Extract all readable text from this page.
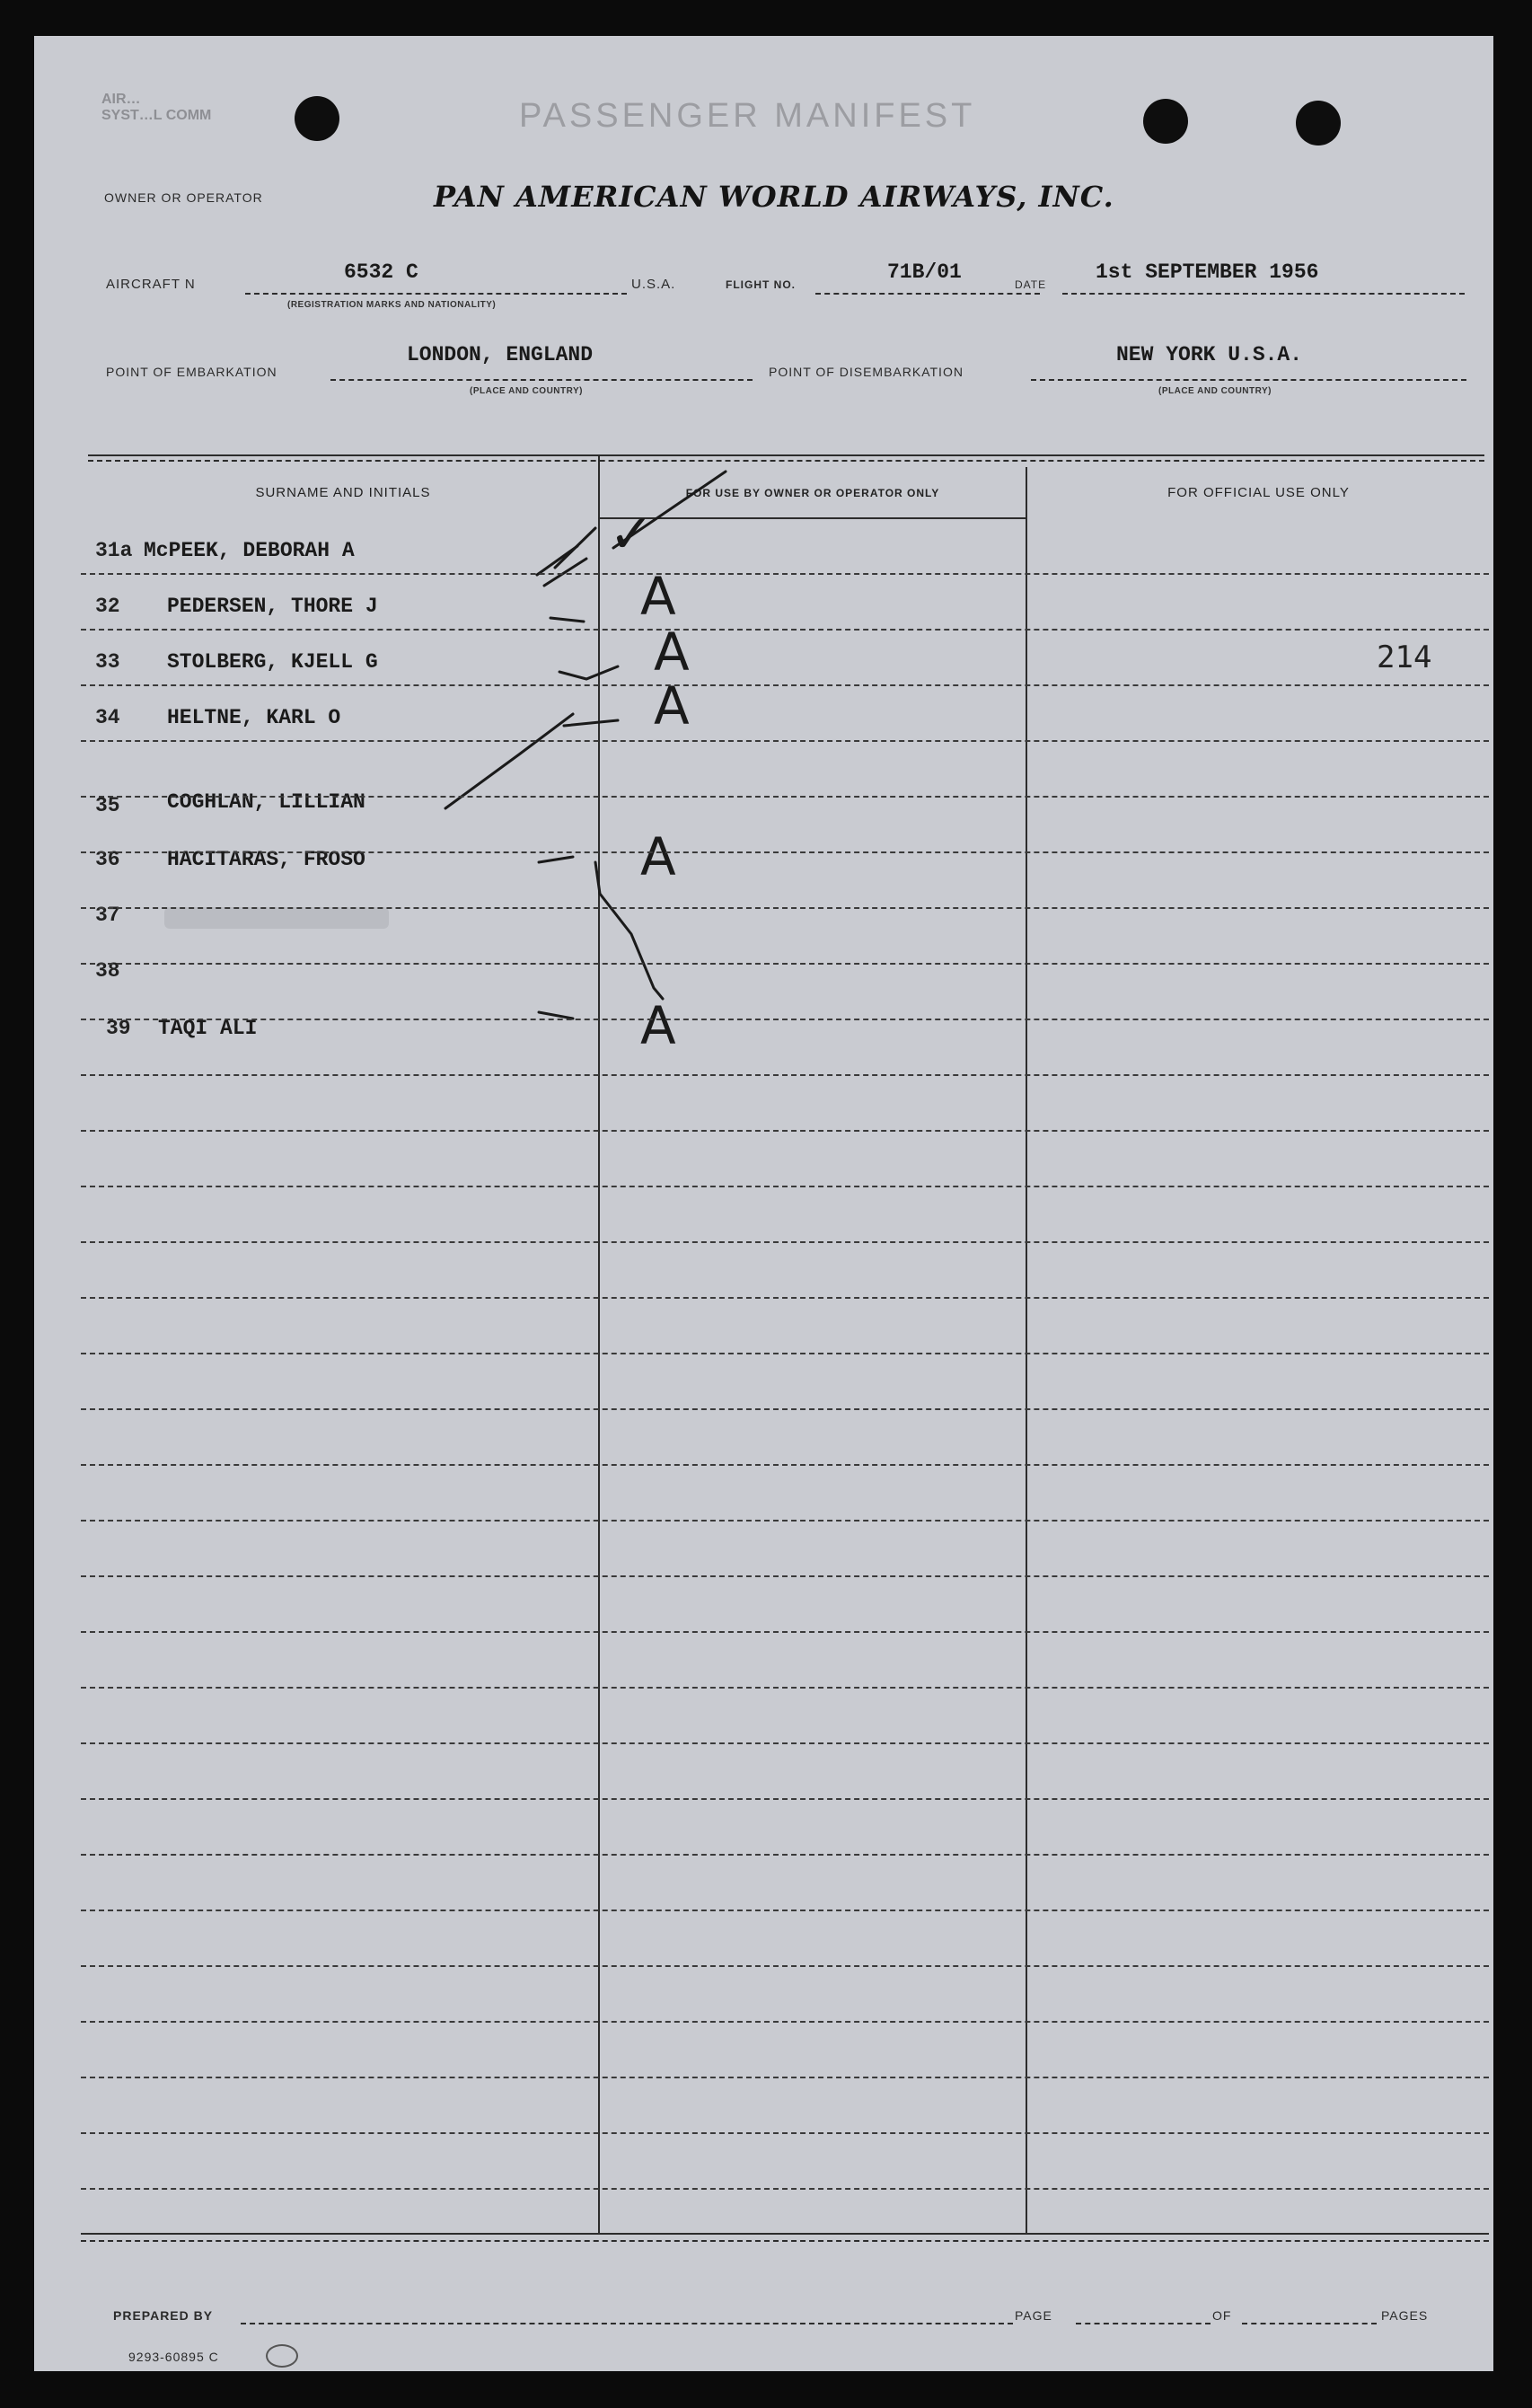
AIR…
SYST…L COMM	PASSENGER MANIFEST
OWNER OR OPERATOR	PAN AMERICAN WORLD AIRWAYS, INC.
AIRCRAFT N
6532 C
(REGISTRATION MARKS AND NATIONALITY)
U.S.A.	FLIGHT NO.
71B/01
DATE
1st SEPTEMBER 1956
POINT OF EMBARKATION
LONDON, ENGLAND
(PLACE AND COUNTRY)
POINT OF DISEMBARKATION
NEW YORK U.S.A.
(PLACE AND COUNTRY)
SURNAME AND INITIALS	FOR USE BY OWNER OR OPERATOR ONLY	FOR OFFICIAL USE ONLY
31a McPEEK, DEBORAH A	✓
32 PEDERSEN, THORE J	A
33 STOLBERG, KJELL G	A	214
34 HELTNE, KARL O	A
35 COGHLAN, LILLIAN
36 HACITARAS, FROSO	A
37
38
39 TAQI ALI	A
PREPARED BY	PAGE	OF	PAGES
9293-60895 C
